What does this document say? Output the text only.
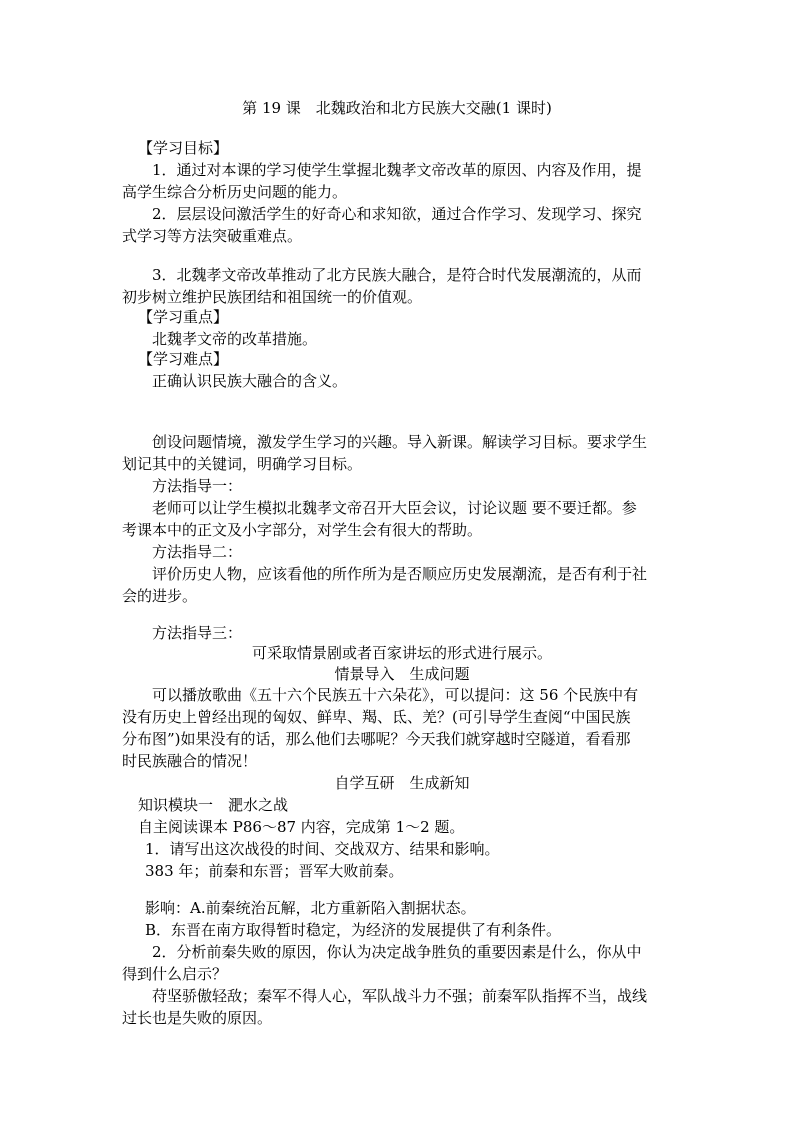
第 19 课　北魏政治和北方民族大交融(1 课时)
【学习目标】
1．通过对本课的学习使学生掌握北魏孝文帝改革的原因、内容及作用，提
高学生综合分析历史问题的能力。
2．层层设问激活学生的好奇心和求知欲，通过合作学习、发现学习、探究
式学习等方法突破重难点。
3．北魏孝文帝改革推动了北方民族大融合，是符合时代发展潮流的，从而
初步树立维护民族团结和祖国统一的价值观。
【学习重点】
北魏孝文帝的改革措施。
【学习难点】
正确认识民族大融合的含义。
创设问题情境，激发学生学习的兴趣。导入新课。解读学习目标。要求学生
划记其中的关键词，明确学习目标。
方法指导一：
老师可以让学生模拟北魏孝文帝召开大臣会议，讨论议题 要不要迁都。参
考课本中的正文及小字部分，对学生会有很大的帮助。
方法指导二：
评价历史人物，应该看他的所作所为是否顺应历史发展潮流，是否有利于社
会的进步。
方法指导三：
可采取情景剧或者百家讲坛的形式进行展示。
情景导入　生成问题
可以播放歌曲《五十六个民族五十六朵花》，可以提问：这 56 个民族中有
没有历史上曾经出现的匈奴、鲜卑、羯、氐、羌？(可引导学生查阅“中国民族
分布图”)如果没有的话，那么他们去哪呢？今天我们就穿越时空隧道，看看那
时民族融合的情况！
自学互研　生成新知
知识模块一　淝水之战
自主阅读课本 P86～87 内容，完成第 1～2 题。
1．请写出这次战役的时间、交战双方、结果和影响。
383 年；前秦和东晋；晋军大败前秦。
影响：A.前秦统治瓦解，北方重新陷入割据状态。
B．东晋在南方取得暂时稳定，为经济的发展提供了有利条件。
2．分析前秦失败的原因，你认为决定战争胜负的重要因素是什么，你从中
得到什么启示？
苻坚骄傲轻敌；秦军不得人心，军队战斗力不强；前秦军队指挥不当，战线
过长也是失败的原因。
